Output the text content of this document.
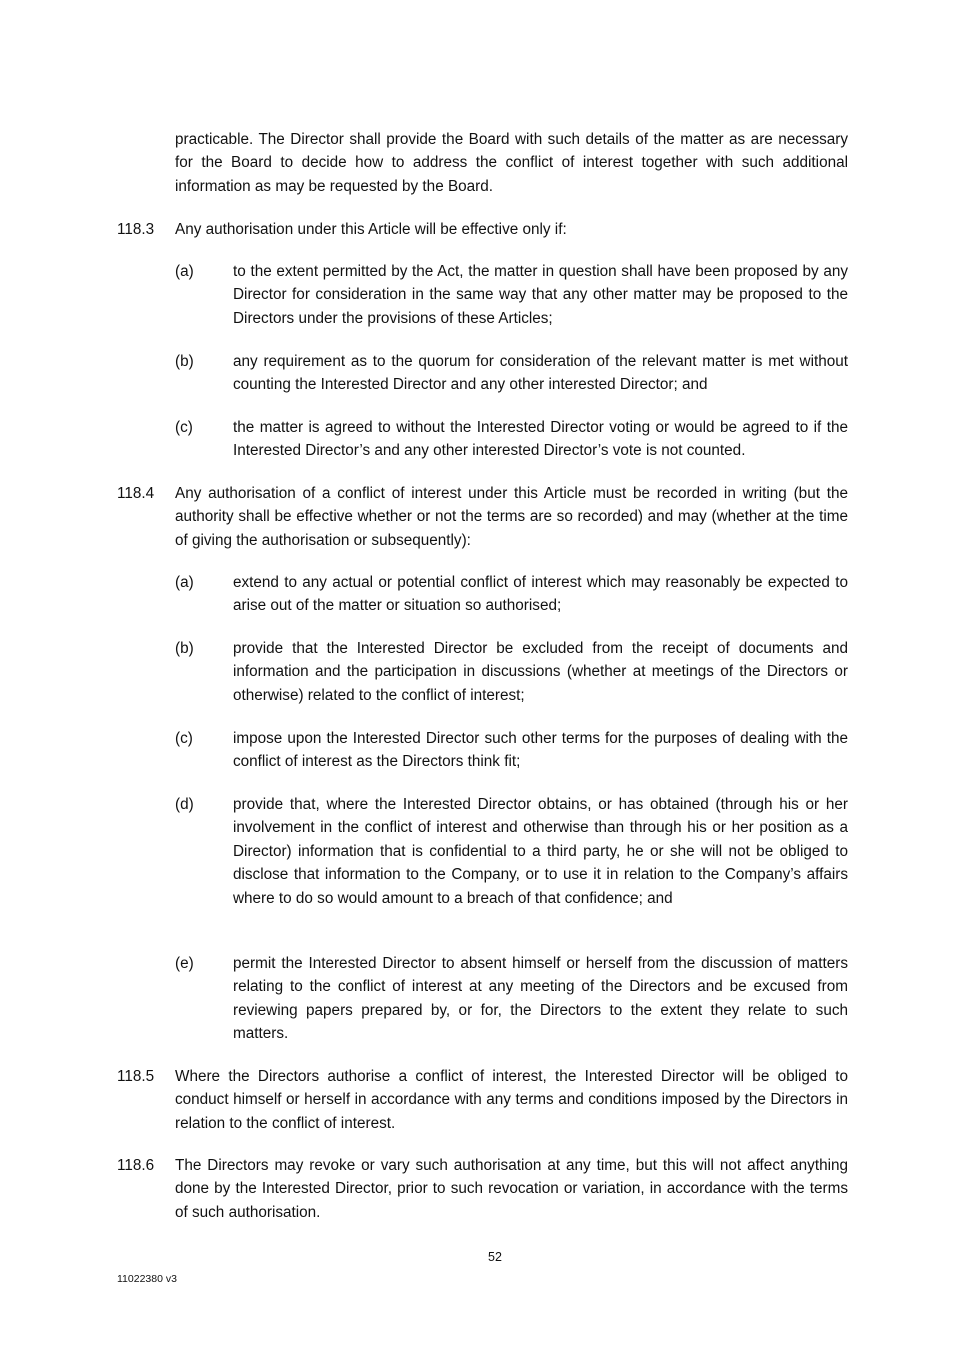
practicable. The Director shall provide the Board with such details of the matter as are necessary for the Board to decide how to address the conflict of interest together with such additional information as may be requested by the Board.
118.3 Any authorisation under this Article will be effective only if:
(a)	to the extent permitted by the Act, the matter in question shall have been proposed by any Director for consideration in the same way that any other matter may be proposed to the Directors under the provisions of these Articles;
(b)	any requirement as to the quorum for consideration of the relevant matter is met without counting the Interested Director and any other interested Director; and
(c)	the matter is agreed to without the Interested Director voting or would be agreed to if the Interested Director’s and any other interested Director’s vote is not counted.
118.4 Any authorisation of a conflict of interest under this Article must be recorded in writing (but the authority shall be effective whether or not the terms are so recorded) and may (whether at the time of giving the authorisation or subsequently):
(a)	extend to any actual or potential conflict of interest which may reasonably be expected to arise out of the matter or situation so authorised;
(b)	provide that the Interested Director be excluded from the receipt of documents and information and the participation in discussions (whether at meetings of the Directors or otherwise) related to the conflict of interest;
(c)	impose upon the Interested Director such other terms for the purposes of dealing with the conflict of interest as the Directors think fit;
(d)	provide that, where the Interested Director obtains, or has obtained (through his or her involvement in the conflict of interest and otherwise than through his or her position as a Director) information that is confidential to a third party, he or she will not be obliged to disclose that information to the Company, or to use it in relation to the Company’s affairs where to do so would amount to a breach of that confidence; and
(e)	permit the Interested Director to absent himself or herself from the discussion of matters relating to the conflict of interest at any meeting of the Directors and be excused from reviewing papers prepared by, or for, the Directors to the extent they relate to such matters.
118.5 Where the Directors authorise a conflict of interest, the Interested Director will be obliged to conduct himself or herself in accordance with any terms and conditions imposed by the Directors in relation to the conflict of interest.
118.6 The Directors may revoke or vary such authorisation at any time, but this will not affect anything done by the Interested Director, prior to such revocation or variation, in accordance with the terms of such authorisation.
52
11022380 v3
